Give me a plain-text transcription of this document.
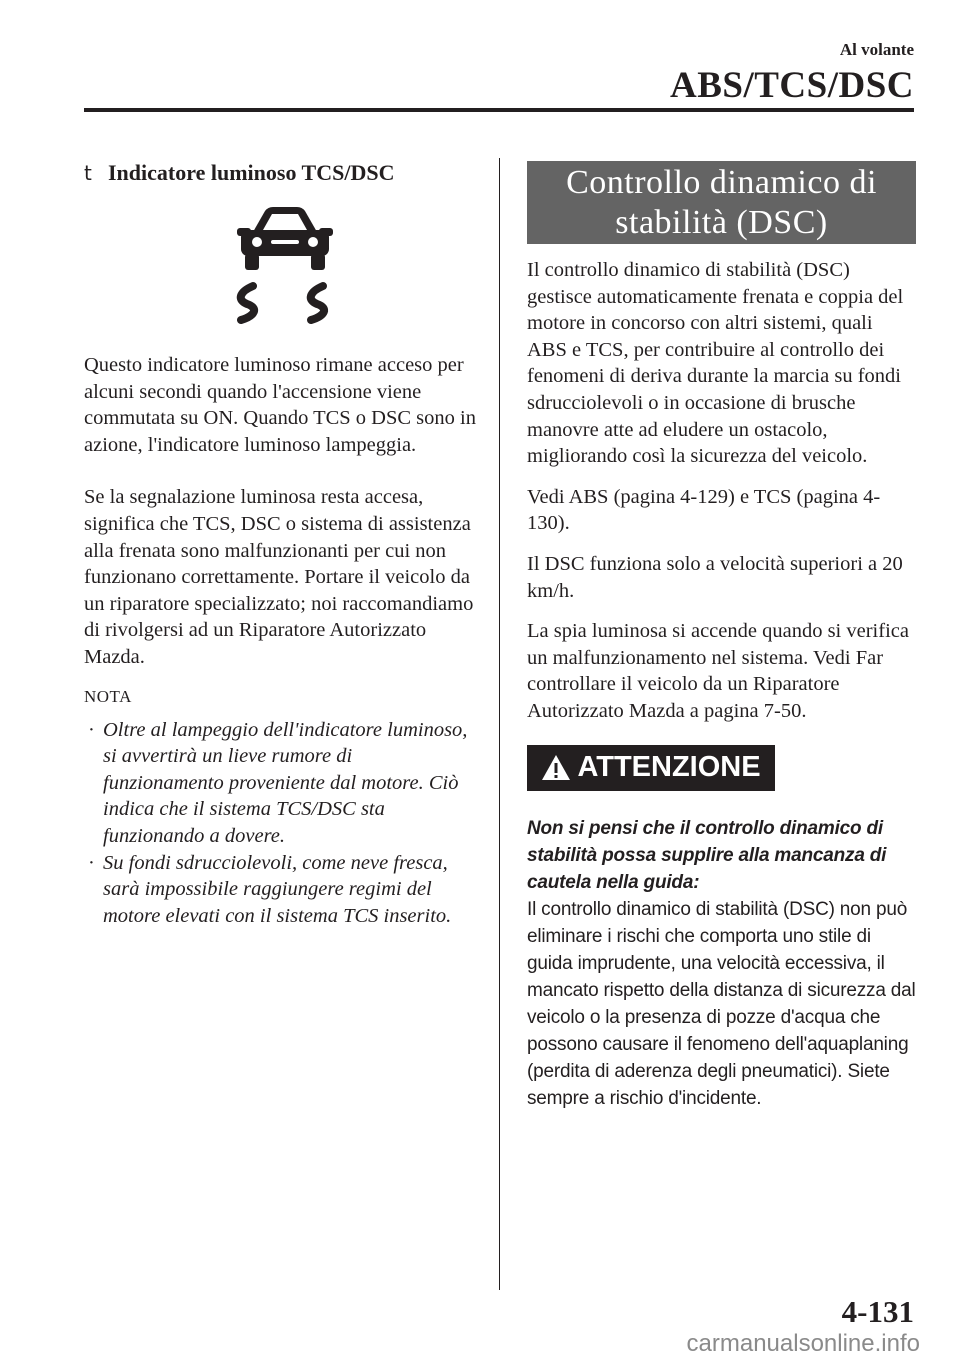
Al volante
ABS/TCS/DSC
t Indicatore luminoso TCS/DSC

Questo indicatore luminoso rimane acceso per alcuni secondi quando l'accensione viene commutata su ON. Quando TCS o DSC sono in azione, l'indicatore luminoso lampeggia.

Se la segnalazione luminosa resta accesa, significa che TCS, DSC o sistema di assistenza alla frenata sono malfunzionanti per cui non funzionano correttamente. Portare il veicolo da un riparatore specializzato; noi raccomandiamo di rivolgersi ad un Riparatore Autorizzato Mazda.

NOTA
· Oltre al lampeggio dell'indicatore luminoso, si avvertirà un lieve rumore di funzionamento proveniente dal motore. Ciò indica che il sistema TCS/DSC sta funzionando a dovere.
· Su fondi sdrucciolevoli, come neve fresca, sarà impossibile raggiungere regimi del motore elevati con il sistema TCS inserito.
Controllo dinamico di
stabilità (DSC)

Il controllo dinamico di stabilità (DSC) gestisce automaticamente frenata e coppia del motore in concorso con altri sistemi, quali ABS e TCS, per contribuire al controllo dei fenomeni di deriva durante la marcia su fondi sdrucciolevoli o in occasione di brusche manovre atte ad eludere un ostacolo, migliorando così la sicurezza del veicolo.

Vedi ABS (pagina 4-129) e TCS (pagina 4-130).

Il DSC funziona solo a velocità superiori a 20 km/h.

La spia luminosa si accende quando si verifica un malfunzionamento nel sistema. Vedi Far controllare il veicolo da un Riparatore Autorizzato Mazda a pagina 7-50.

ATTENZIONE
Non si pensi che il controllo dinamico di stabilità possa supplire alla mancanza di cautela nella guida:
Il controllo dinamico di stabilità (DSC) non può eliminare i rischi che comporta uno stile di guida imprudente, una velocità eccessiva, il mancato rispetto della distanza di sicurezza dal veicolo o la presenza di pozze d'acqua che possono causare il fenomeno dell'aquaplaning (perdita di aderenza degli pneumatici). Siete sempre a rischio d'incidente.
4-131
carmanualsonline.info
